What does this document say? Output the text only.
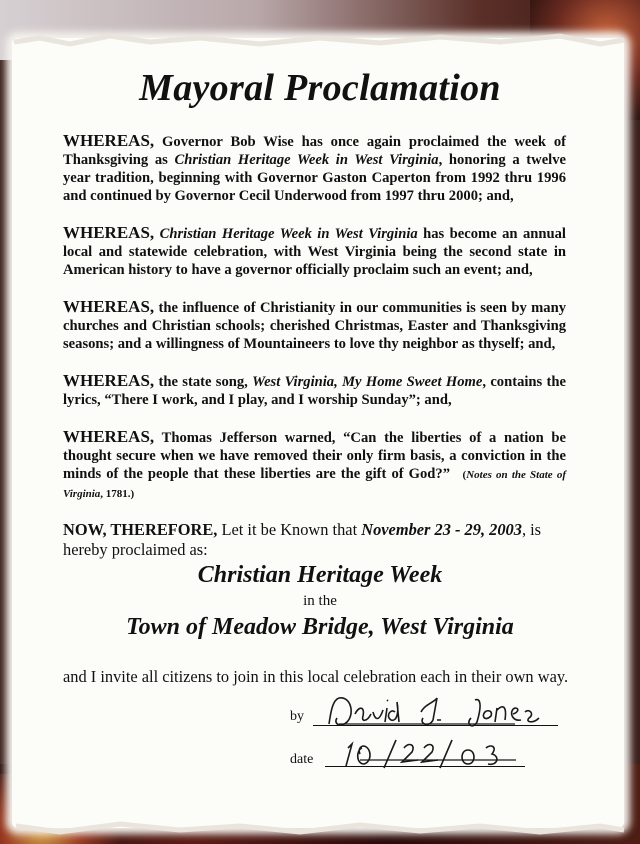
Mayoral Proclamation

WHEREAS, Governor Bob Wise has once again proclaimed the week of Thanksgiving as Christian Heritage Week in West Virginia, honoring a twelve year tradition, beginning with Governor Gaston Caperton from 1992 thru 1996 and continued by Governor Cecil Underwood from 1997 thru 2000; and,

WHEREAS, Christian Heritage Week in West Virginia has become an annual local and statewide celebration, with West Virginia being the second state in American history to have a governor officially proclaim such an event; and,

WHEREAS, the influence of Christianity in our communities is seen by many churches and Christian schools; cherished Christmas, Easter and Thanksgiving seasons; and a willingness of Mountaineers to love thy neighbor as thyself; and,

WHEREAS, the state song, West Virginia, My Home Sweet Home, contains the lyrics, “There I work, and I play, and I worship Sunday”; and,

WHEREAS, Thomas Jefferson warned, “Can the liberties of a nation be thought secure when we have removed their only firm basis, a conviction in the minds of the people that these liberties are the gift of God?”   (Notes on the State of Virginia, 1781.)

NOW, THEREFORE, Let it be Known that November 23 - 29, 2003, is hereby proclaimed as:

Christian Heritage Week

in the

Town of Meadow Bridge, West Virginia

and I invite all citizens to join in this local celebration each in their own way.

by
date
